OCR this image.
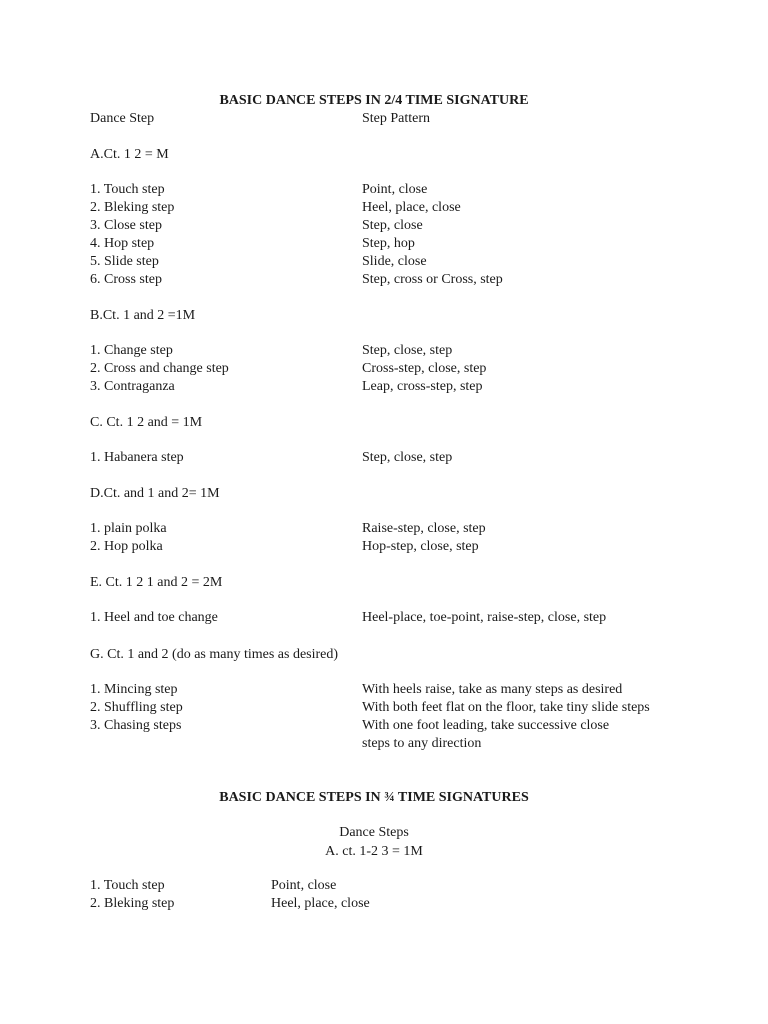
BASIC DANCE STEPS IN 2/4 TIME SIGNATURE
Dance Step	Step Pattern
A.Ct. 1 2 = M
1. Touch step	Point, close
2. Bleking step	Heel, place, close
3. Close step	Step, close
4. Hop step	Step, hop
5. Slide step	Slide, close
6. Cross step	Step, cross or Cross, step
B.Ct. 1 and 2 =1M
1. Change step	Step, close, step
2. Cross and change step	Cross-step, close, step
3. Contraganza	Leap, cross-step, step
C. Ct. 1 2 and = 1M
1. Habanera step	Step, close, step
D.Ct. and 1 and 2= 1M
1. plain polka	Raise-step, close, step
2. Hop polka	Hop-step, close, step
E. Ct. 1 2 1 and 2 = 2M
1. Heel and toe change	Heel-place, toe-point, raise-step, close, step
G. Ct. 1 and 2 (do as many times as desired)
1. Mincing step	With heels raise, take as many steps as desired
2. Shuffling step	With both feet flat on the floor, take tiny slide steps
3. Chasing steps	With one foot leading, take successive close
steps to any direction
BASIC DANCE STEPS IN ¾ TIME SIGNATURES
Dance Steps
A. ct. 1-2 3 = 1M
1. Touch step	Point, close
2. Bleking step	Heel, place, close
